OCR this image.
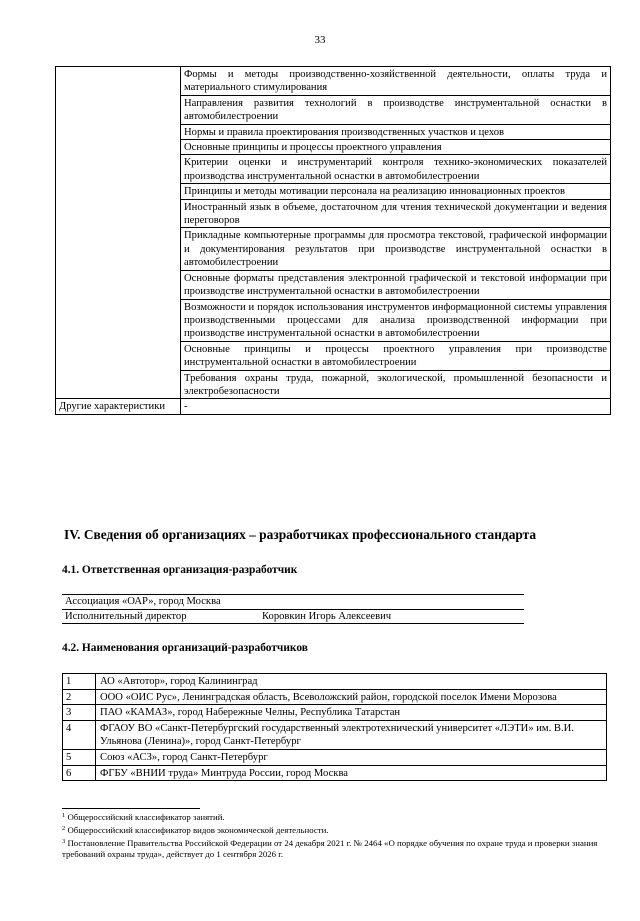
33
	Формы и методы производственно-хозяйственной деятельности, оплаты труда и материального стимулирования
	Направления развития технологий в производстве инструментальной оснастки в автомобилестроении
	Нормы и правила проектирования производственных участков и цехов
	Основные принципы и процессы проектного управления
	Критерии оценки и инструментарий контроля технико-экономических показателей производства инструментальной оснастки в автомобилестроении
	Принципы и методы мотивации персонала на реализацию инновационных проектов
	Иностранный язык в объеме, достаточном для чтения технической документации и ведения переговоров
	Прикладные компьютерные программы для просмотра текстовой, графической информации и документирования результатов при производстве инструментальной оснастки в автомобилестроении
	Основные форматы представления электронной графической и текстовой информации при производстве инструментальной оснастки в автомобилестроении
	Возможности и порядок использования инструментов информационной системы управления производственными процессами для анализа производственной информации при производстве инструментальной оснастки в автомобилестроении
	Основные принципы и процессы проектного управления при производстве инструментальной оснастки в автомобилестроении
	Требования охраны труда, пожарной, экологической, промышленной безопасности и электробезопасности
Другие характеристики	-
IV. Сведения об организациях – разработчиках профессионального стандарта
4.1. Ответственная организация-разработчик
Ассоциация «ОАР», город Москва
Исполнительный директор	Коровкин Игорь Алексеевич
4.2. Наименования организаций-разработчиков
1	АО «Автотор», город Калининград
2	ООО «ОИС Рус», Ленинградская область, Всеволожский район, городской поселок Имени Морозова
3	ПАО «КАМАЗ», город Набережные Челны, Республика Татарстан
4	ФГАОУ ВО «Санкт-Петербургский государственный электротехнический университет «ЛЭТИ» им. В.И. Ульянова (Ленина)», город Санкт-Петербург
5	Союз «АСЗ», город Санкт-Петербург
6	ФГБУ «ВНИИ труда» Минтруда России, город Москва

$^1$ Общероссийский классификатор занятий.

$^2$ Общероссийский классификатор видов экономической деятельности.

$^3$ Постановление Правительства Российской Федерации от 24 декабря 2021 г. № 2464 «О порядке обучения по охране труда и проверки знания требований охраны труда», действует до 1 сентября 2026 г.
